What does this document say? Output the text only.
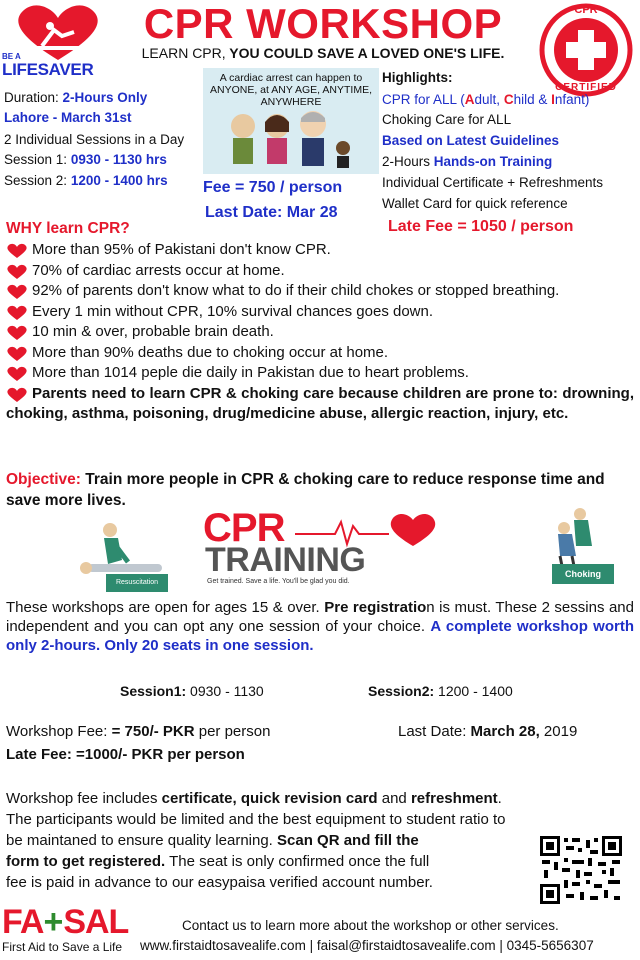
BE A
LIFESAVER
CPR WORKSHOP
LEARN CPR, YOU COULD SAVE A LOVED ONE'S LIFE.
CPR
CERTIFIED
Duration: 2-Hours Only
Lahore - March 31st
2 Individual Sessions in a Day
Session 1: 0930 - 1130 hrs
Session 2: 1200 - 1400 hrs
A cardiac arrest can happen to ANYONE, at ANY AGE, ANYTIME, ANYWHERE
Fee = 750 / person
Last Date: Mar 28
Highlights:
CPR for ALL (Adult, Child & Infant)
Choking Care for ALL
Based on Latest Guidelines
2-Hours Hands-on Training
Individual Certificate + Refreshments
Wallet Card for quick reference
Late Fee = 1050 / person
WHY learn CPR?
More than 95% of Pakistani don't know CPR.
70% of cardiac arrests occur at home.
92% of parents don't know what to do if their child chokes or stopped breathing.
Every 1 min without CPR, 10% survival chances goes down.
10 min & over, probable brain death.
More than 90% deaths due to choking occur at home.
More than 1014 peple die daily in Pakistan due to heart problems.
Parents need to learn CPR & choking care because children are prone to: drowning, choking, asthma, poisoning, drug/medicine abuse, allergic reaction, injury, etc.
Objective: Train more people in CPR & choking care to reduce response time and save more lives.
Resuscitation
CPR
TRAINING
Get trained. Save a life. You'll be glad you did.
Choking
These workshops are open for ages 15 & over. Pre registration is must. These 2 sessins and independent and you can opt any one session of your choice. A complete workshop worth only 2-hours. Only 20 seats in one session.
Session1: 0930 - 1130	Session2: 1200 - 1400
Workshop Fee: = 750/- PKR per person	Last Date: March 28, 2019
Late Fee: =1000/- PKR per person
Workshop fee includes certificate, quick revision card and refreshment.
The participants would be limited and the best equipment to student ratio to
be maintaned to ensure quality learning. Scan QR and fill the
form to get registered. The seat is only confirmed once the full
fee is paid in advance to our easypaisa verified account number.
FA+SAL
First Aid to Save a Life
Contact us to learn more about the workshop or other services.
www.firstaidtosavealife.com | faisal@firstaidtosavealife.com | 0345-5656307
